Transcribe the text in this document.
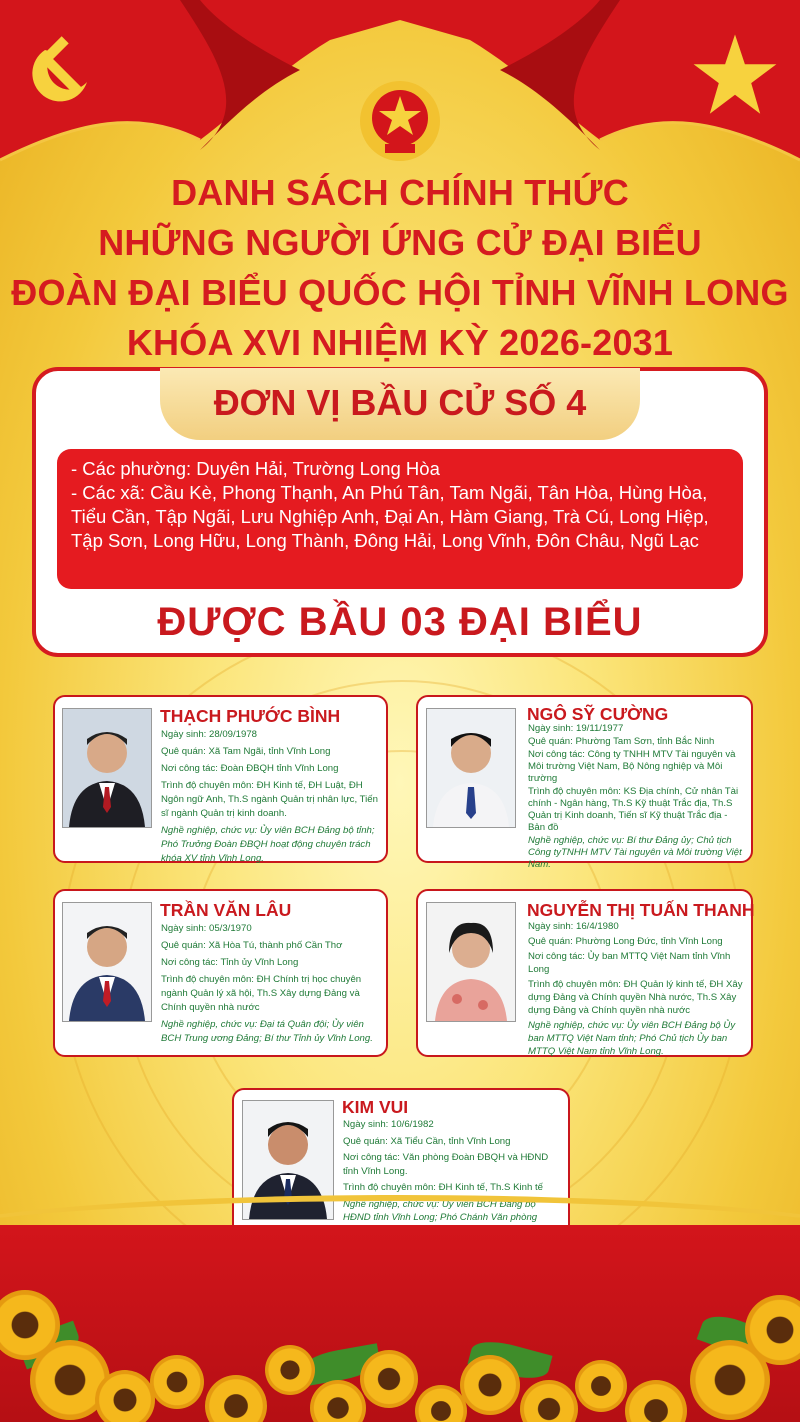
DANH SÁCH CHÍNH THỨC
NHỮNG NGƯỜI ỨNG CỬ ĐẠI BIỂU
ĐOÀN ĐẠI BIỂU QUỐC HỘI TỈNH VĨNH LONG
KHÓA XVI NHIỆM KỲ 2026-2031
ĐƠN VỊ BẦU CỬ SỐ 4
- Các phường: Duyên Hải, Trường Long Hòa
- Các xã: Cầu Kè, Phong Thạnh, An Phú Tân, Tam Ngãi, Tân Hòa, Hùng Hòa, Tiểu Cần, Tập Ngãi, Lưu Nghiệp Anh, Đại An, Hàm Giang, Trà Cú, Long Hiệp, Tập Sơn, Long Hữu, Long Thành, Đông Hải, Long Vĩnh, Đôn Châu, Ngũ Lạc
ĐƯỢC BẦU 03 ĐẠI BIỂU
THẠCH PHƯỚC BÌNH

Ngày sinh: 28/09/1978

Quê quán: Xã Tam Ngãi, tỉnh Vĩnh Long

Nơi công tác: Đoàn ĐBQH tỉnh Vĩnh Long

Trình độ chuyên môn: ĐH Kinh tế, ĐH Luật, ĐH Ngôn ngữ Anh, Th.S ngành Quản trị nhân lực, Tiến sĩ ngành Quản trị kinh doanh.

Nghề nghiệp, chức vụ: Ủy viên BCH Đảng bộ tỉnh; Phó Trưởng Đoàn ĐBQH hoạt động chuyên trách khóa XV tỉnh Vĩnh Long.

NGÔ SỸ CƯỜNG

Ngày sinh: 19/11/1977

Quê quán: Phường Tam Sơn, tỉnh Bắc Ninh

Nơi công tác: Công ty TNHH MTV Tài nguyên và Môi trường Việt Nam, Bộ Nông nghiệp và Môi trường

Trình độ chuyên môn: KS Địa chính, Cử nhân Tài chính - Ngân hàng, Th.S Kỹ thuật Trắc địa, Th.S Quản trị Kinh doanh, Tiến sĩ Kỹ thuật Trắc địa - Bản đồ

Nghề nghiệp, chức vụ: Bí thư Đảng ủy; Chủ tịch Công tyTNHH MTV Tài nguyên và Môi trường Việt Nam.

TRẦN VĂN LÂU

Ngày sinh: 05/3/1970

Quê quán: Xã Hòa Tú, thành phố Cần Thơ

Nơi công tác: Tỉnh ủy Vĩnh Long

Trình độ chuyên môn: ĐH Chính trị học chuyên ngành Quản lý xã hội, Th.S Xây dựng Đảng và Chính quyền nhà nước

Nghề nghiệp, chức vụ: Đại tá Quân đội; Ủy viên BCH Trung ương Đảng; Bí thư Tỉnh ủy Vĩnh Long.

NGUYỄN THỊ TUẤN THANH

Ngày sinh: 16/4/1980

Quê quán: Phường Long Đức, tỉnh Vĩnh Long

Nơi công tác: Ủy ban MTTQ Việt Nam tỉnh Vĩnh Long

Trình độ chuyên môn: ĐH Quản lý kinh tế, ĐH Xây dựng Đảng và Chính quyền Nhà nước, Th.S Xây dựng Đảng và Chính quyền nhà nước

Nghề nghiệp, chức vụ: Ủy viên BCH Đảng bộ Ủy ban MTTQ Việt Nam tỉnh; Phó Chủ tịch Ủy ban MTTQ Việt Nam tỉnh Vĩnh Long.

KIM VUI

Ngày sinh: 10/6/1982

Quê quán: Xã Tiểu Cần, tỉnh Vĩnh Long

Nơi công tác: Văn phòng Đoàn ĐBQH và HĐND tỉnh Vĩnh Long.

Trình độ chuyên môn: ĐH Kinh tế, Th.S Kinh tế

Nghề nghiệp, chức vụ: Ủy viên BCH Đảng bộ HĐND tỉnh Vĩnh Long; Phó Chánh Văn phòng
